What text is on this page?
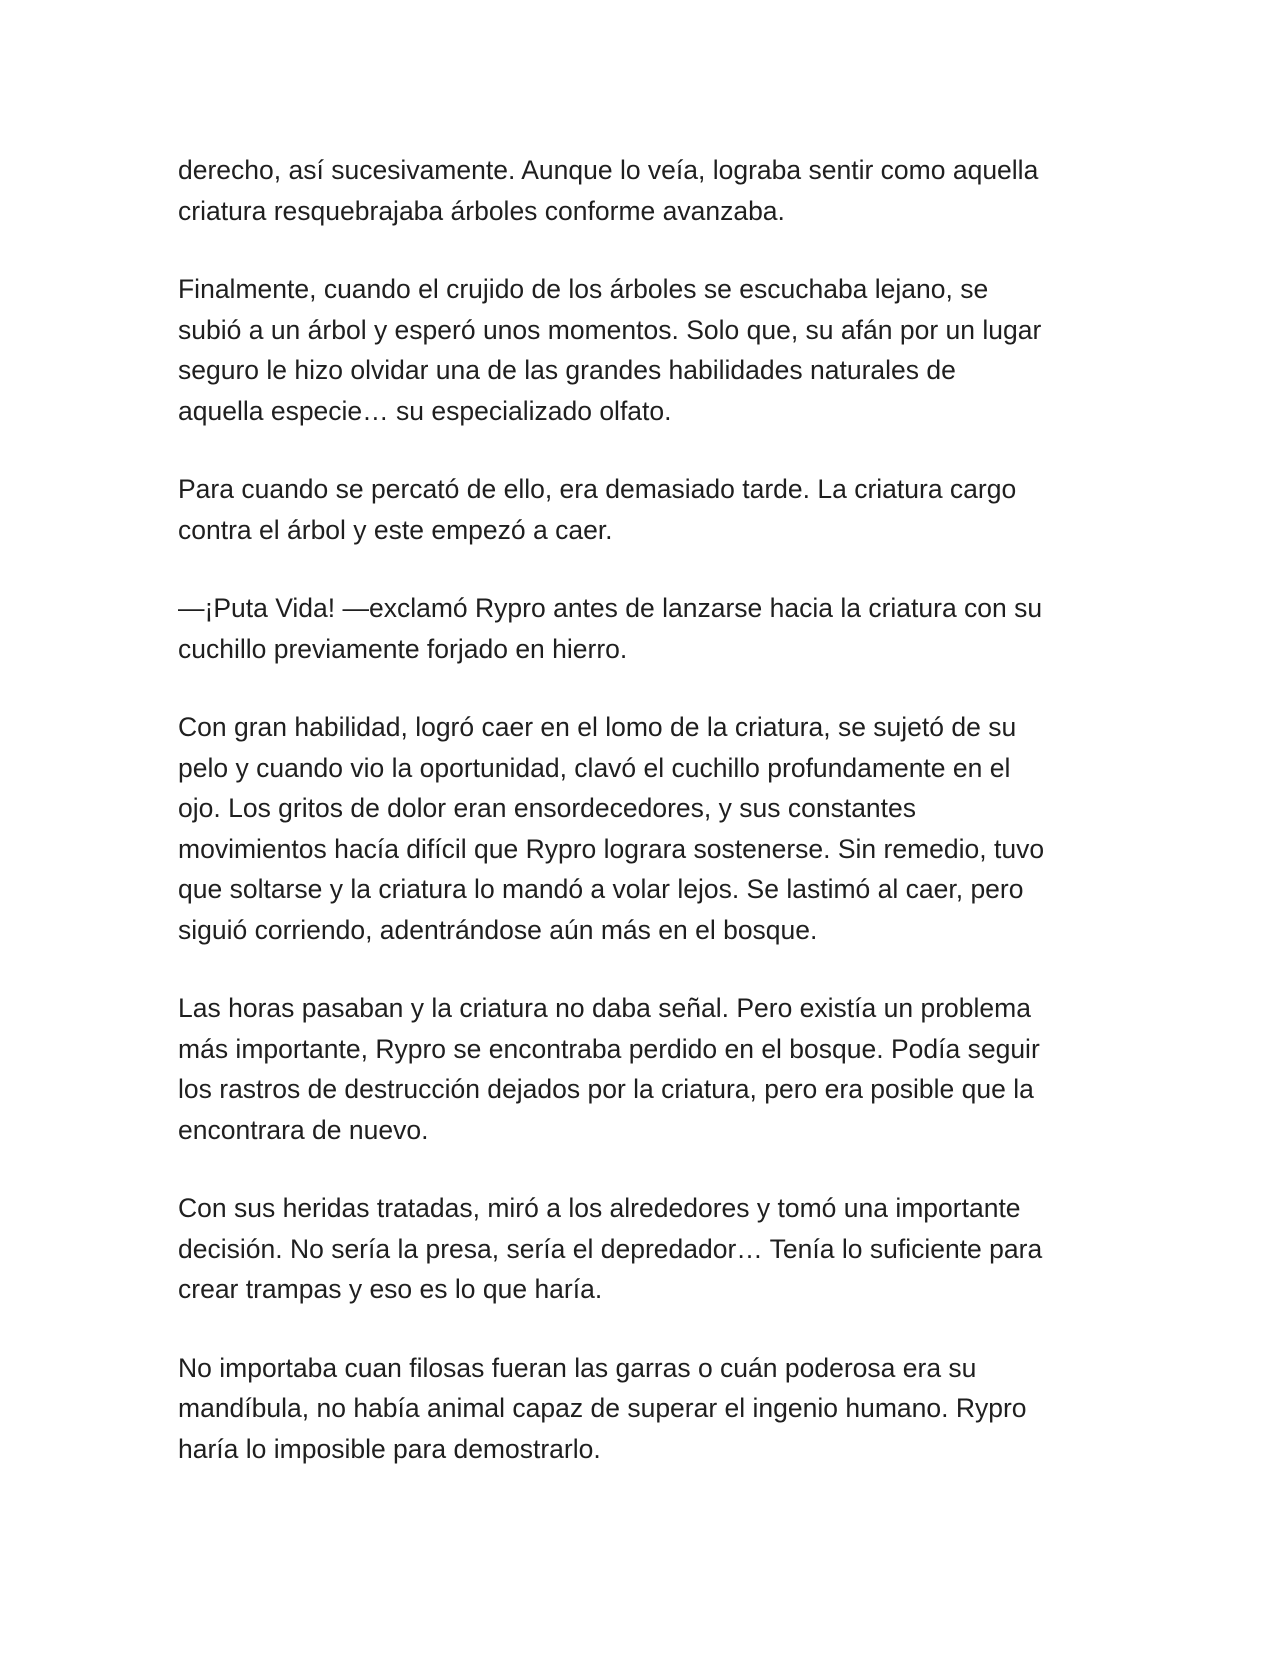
derecho, así sucesivamente. Aunque lo veía, lograba sentir como aquella
criatura resquebrajaba árboles conforme avanzaba.

Finalmente, cuando el crujido de los árboles se escuchaba lejano, se
subió a un árbol y esperó unos momentos. Solo que, su afán por un lugar
seguro le hizo olvidar una de las grandes habilidades naturales de
aquella especie… su especializado olfato.

Para cuando se percató de ello, era demasiado tarde. La criatura cargo
contra el árbol y este empezó a caer.

—¡Puta Vida! —exclamó Rypro antes de lanzarse hacia la criatura con su
cuchillo previamente forjado en hierro.

Con gran habilidad, logró caer en el lomo de la criatura, se sujetó de su
pelo y cuando vio la oportunidad, clavó el cuchillo profundamente en el
ojo. Los gritos de dolor eran ensordecedores, y sus constantes
movimientos hacía difícil que Rypro lograra sostenerse. Sin remedio, tuvo
que soltarse y la criatura lo mandó a volar lejos. Se lastimó al caer, pero
siguió corriendo, adentrándose aún más en el bosque.

Las horas pasaban y la criatura no daba señal. Pero existía un problema
más importante, Rypro se encontraba perdido en el bosque. Podía seguir
los rastros de destrucción dejados por la criatura, pero era posible que la
encontrara de nuevo.

Con sus heridas tratadas, miró a los alrededores y tomó una importante
decisión. No sería la presa, sería el depredador… Tenía lo suficiente para
crear trampas y eso es lo que haría.

No importaba cuan filosas fueran las garras o cuán poderosa era su
mandíbula, no había animal capaz de superar el ingenio humano. Rypro
haría lo imposible para demostrarlo.
